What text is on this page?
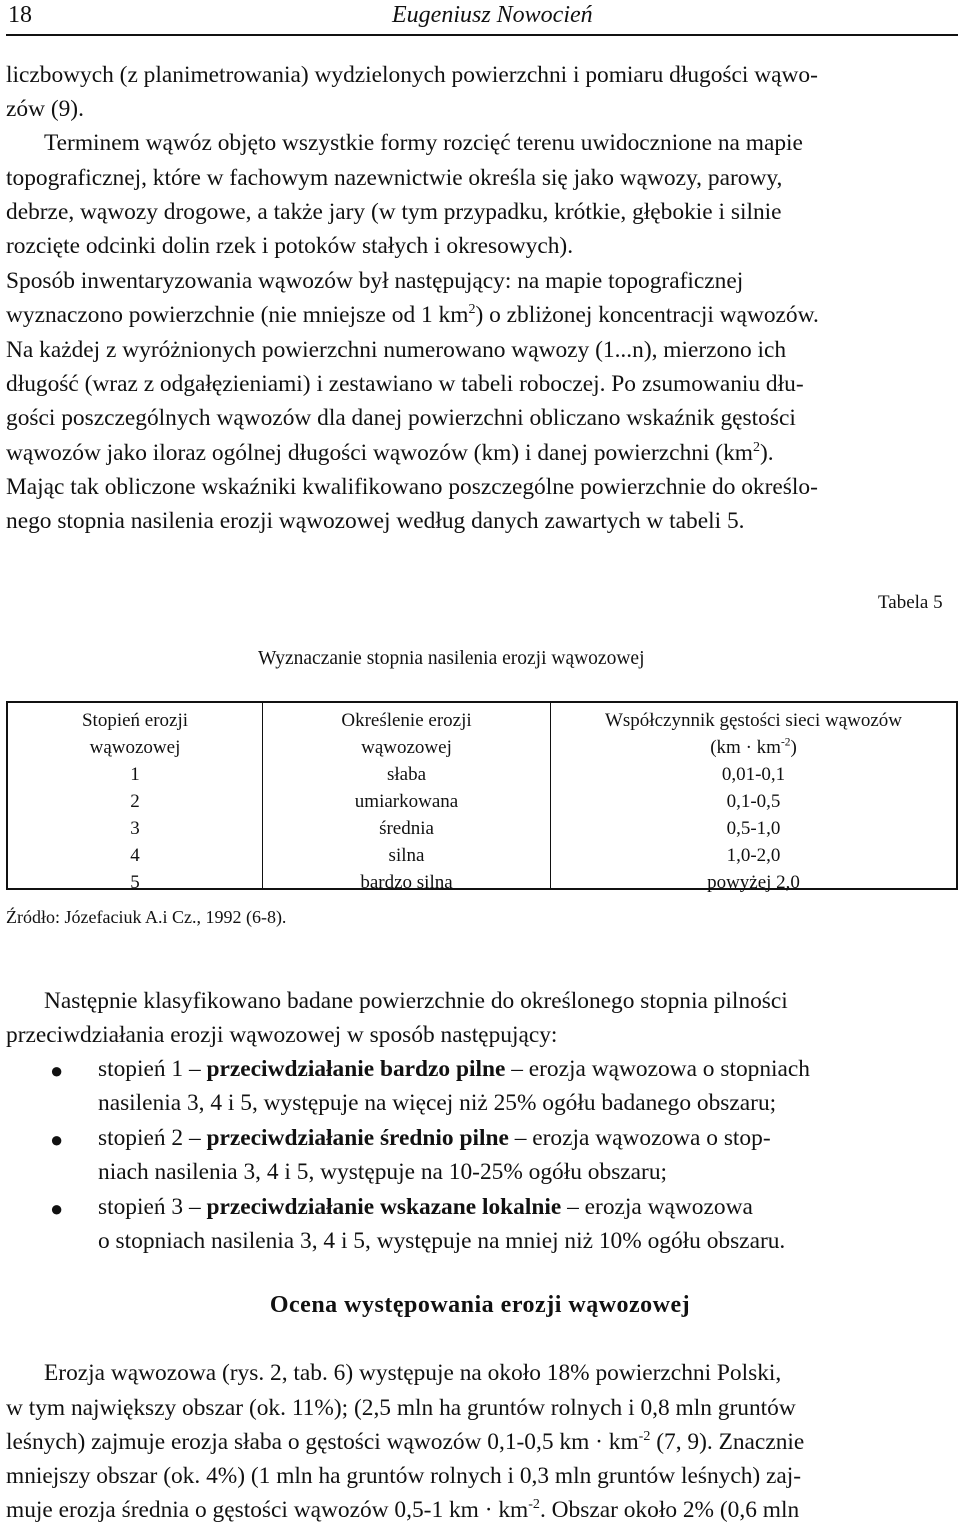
18	Eugeniusz Nowocień

liczbowych (z planimetrowania) wydzielonych powierzchni i pomiaru długości wąwo-

zów (9).

Terminem wąwóz objęto wszystkie formy rozcięć terenu uwidocznione na mapie

topograficznej, które w fachowym nazewnictwie określa się jako wąwozy, parowy,

debrze, wąwozy drogowe, a także jary (w tym przypadku, krótkie, głębokie i silnie

rozcięte odcinki dolin rzek i potoków stałych i okresowych).

Sposób inwentaryzowania wąwozów był następujący: na mapie topograficznej

wyznaczono powierzchnie (nie mniejsze od 1 $km^2$) o zbliżonej koncentracji wąwozów.

Na każdej z wyróżnionych powierzchni numerowano wąwozy (1...n), mierzono ich

długość (wraz z odgałęzieniami) i zestawiano w tabeli roboczej. Po zsumowaniu dłu-

gości poszczególnych wąwozów dla danej powierzchni obliczano wskaźnik gęstości

wąwozów jako iloraz ogólnej długości wąwozów (km) i danej powierzchni $(km^2)$.

Mając tak obliczone wskaźniki kwalifikowano poszczególne powierzchnie do określo-

nego stopnia nasilenia erozji wąwozowej według danych zawartych w tabeli 5.

Tabela 5
Wyznaczanie stopnia nasilenia erozji wąwozowej
Stopień erozji
wąwozowej
1
2
3
4
5
Określenie erozji
wąwozowej
słaba
umiarkowana
średnia
silna
bardzo silna
Współczynnik gęstości sieci wąwozów
$(km \cdot km^{-2})$
0,01-0,1
0,1-0,5
0,5-1,0
1,0-2,0
powyżej 2,0
Źródło: Józefaciuk A.i Cz., 1992 (6-8).

Następnie klasyfikowano badane powierzchnie do określonego stopnia pilności

przeciwdziałania erozji wąwozowej w sposób następujący:

● stopień 1 – przeciwdziałanie bardzo pilne – erozja wąwozowa o stopniach

nasilenia 3, 4 i 5, występuje na więcej niż 25% ogółu badanego obszaru;

● stopień 2 – przeciwdziałanie średnio pilne – erozja wąwozowa o stop-

niach nasilenia 3, 4 i 5, występuje na 10-25% ogółu obszaru;

● stopień 3 – przeciwdziałanie wskazane lokalnie – erozja wąwozowa

o stopniach nasilenia 3, 4 i 5, występuje na mniej niż 10% ogółu obszaru.

Ocena występowania erozji wąwozowej

Erozja wąwozowa (rys. 2, tab. 6) występuje na około 18% powierzchni Polski,

w tym największy obszar (ok. 11%); (2,5 mln ha gruntów rolnych i 0,8 mln gruntów

leśnych) zajmuje erozja słaba o gęstości wąwozów 0,1-0,5 km · $km^{-2}$ (7, 9). Znacznie

mniejszy obszar (ok. 4%) (1 mln ha gruntów rolnych i 0,3 mln gruntów leśnych) zaj-

muje erozja średnia o gęstości wąwozów 0,5-1 km · $km^{-2}$. Obszar około 2% (0,6 mln
